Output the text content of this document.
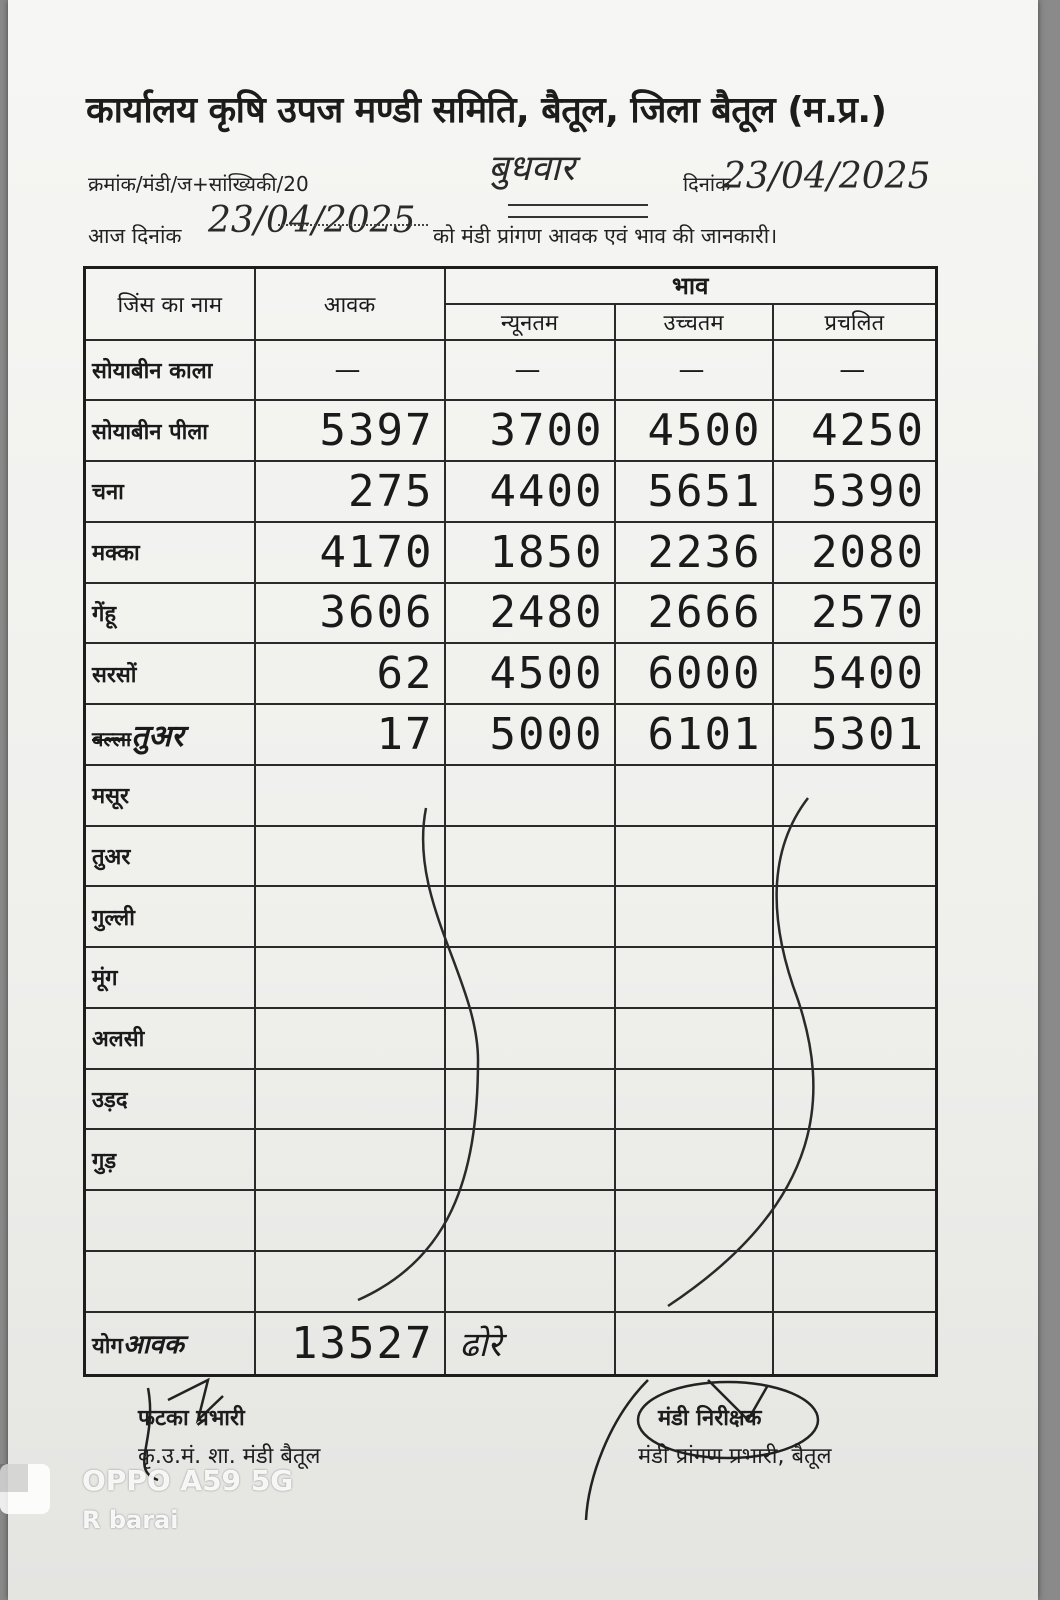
कार्यालय कृषि उपज मण्डी समिति, बैतूल, जिला बैतूल (म.प्र.)
क्रमांक/मंडी/ज+सांख्यिकी/20	बुधवार	दिनांक
23/04/2025
आज दिनांक 23/04/2025 को मंडी प्रांगण आवक एवं भाव की जानकारी।
जिंस का नाम	आवक	भाव		
		न्यूनतम	उच्चतम	प्रचलित
सोयाबीन काला	—	—	—	—
सोयाबीन पीला	5397	3700	4500	4250
चना	275	4400	5651	5390
मक्का	4170	1850	2236	2080
गेंहू	3606	2480	2666	2570
सरसों	62	4500	6000	5400
बल्लातुअर	17	5000	6101	5301
मसूर				
तुअर				
गुल्ली				
मूंग				
अलसी				
उड़द				
गुड़				

योगआवक	13527	ढोरे		
फटका प्रभारी
कृ.उ.मं. शा. मंडी बैतूल
मंडी निरीक्षक
मंडी प्रांगण प्रभारी, बैतूल
OPPO A59 5G
R barai
